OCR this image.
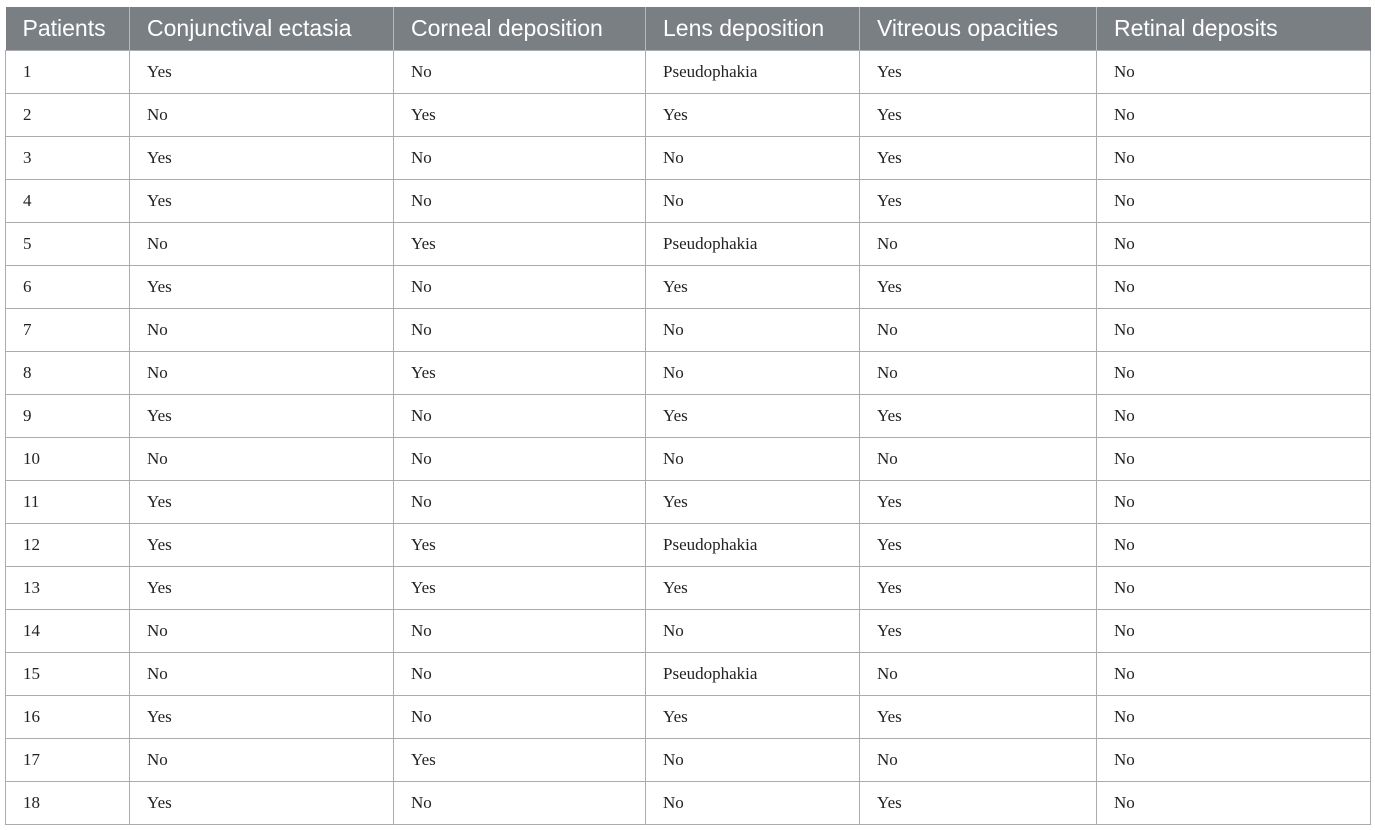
Patients	Conjunctival ectasia	Corneal deposition	Lens deposition	Vitreous opacities	Retinal deposits
1	Yes	No	Pseudophakia	Yes	No
2	No	Yes	Yes	Yes	No
3	Yes	No	No	Yes	No
4	Yes	No	No	Yes	No
5	No	Yes	Pseudophakia	No	No
6	Yes	No	Yes	Yes	No
7	No	No	No	No	No
8	No	Yes	No	No	No
9	Yes	No	Yes	Yes	No
10	No	No	No	No	No
11	Yes	No	Yes	Yes	No
12	Yes	Yes	Pseudophakia	Yes	No
13	Yes	Yes	Yes	Yes	No
14	No	No	No	Yes	No
15	No	No	Pseudophakia	No	No
16	Yes	No	Yes	Yes	No
17	No	Yes	No	No	No
18	Yes	No	No	Yes	No
